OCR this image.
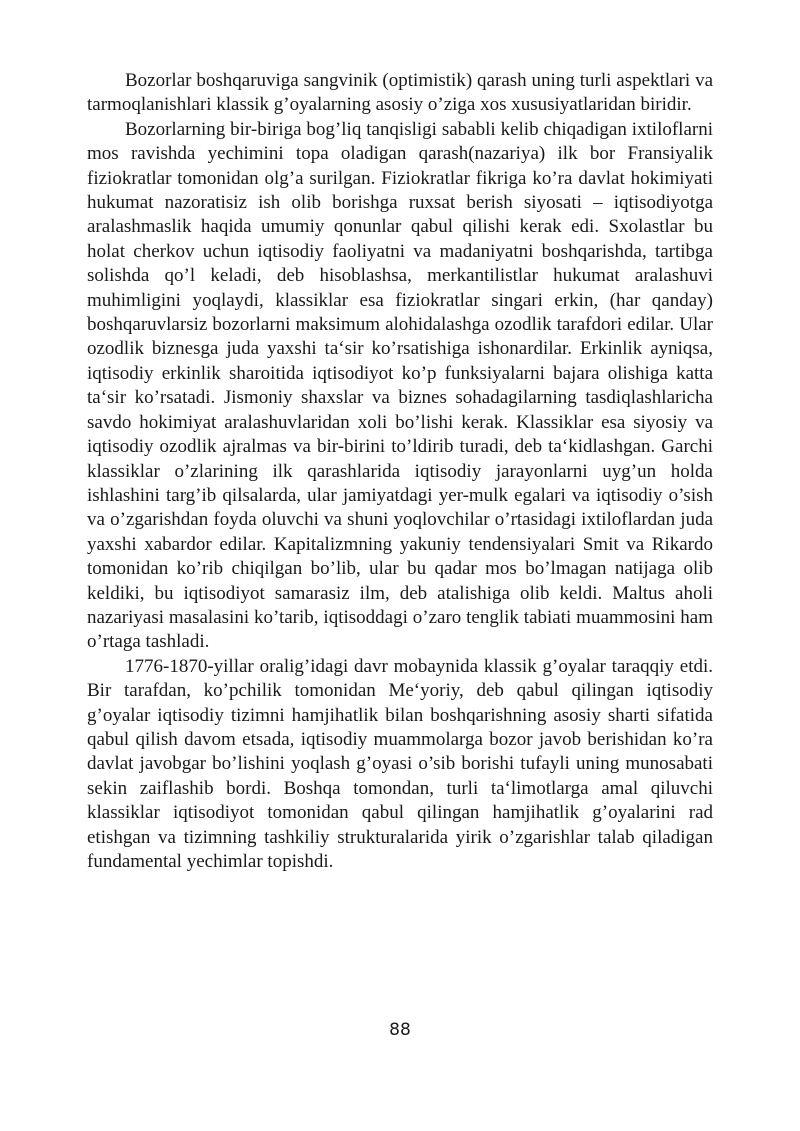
Bozorlar boshqaruviga sangvinik (optimistik) qarash uning turli aspektlari va tarmoqlanishlari klassik g’oyalarning asosiy o’ziga xos xususiyatlaridan biridir.

Bozorlarning bir-biriga bog’liq tanqisligi sababli kelib chiqadigan ixtiloflarni mos ravishda yechimini topa oladigan qarash(nazariya) ilk bor Fransiyalik fiziokratlar tomonidan olg’a surilgan. Fiziokratlar fikriga ko’ra davlat hokimiyati hukumat nazoratisiz ish olib borishga ruxsat berish siyosati – iqtisodiyotga aralashmaslik haqida umumiy qonunlar qabul qilishi kerak edi. Sxolastlar bu holat cherkov uchun iqtisodiy faoliyatni va madaniyatni boshqarishda, tartibga solishda qo’l keladi, deb hisoblashsa, merkantilistlar hukumat aralashuvi muhimligini yoqlaydi, klassiklar esa fiziokratlar singari erkin, (har qanday) boshqaruvlarsiz bozorlarni maksimum alohidalashga ozodlik tarafdori edilar. Ular ozodlik biznesga juda yaxshi ta‘sir ko’rsatishiga ishonardilar. Erkinlik ayniqsa, iqtisodiy erkinlik sharoitida iqtisodiyot ko’p funksiyalarni bajara olishiga katta ta‘sir ko’rsatadi. Jismoniy shaxslar va biznes sohadagilarning tasdiqlashlaricha savdo hokimiyat aralashuvlaridan xoli bo’lishi kerak. Klassiklar esa siyosiy va iqtisodiy ozodlik ajralmas va bir-birini to’ldirib turadi, deb ta‘kidlashgan. Garchi klassiklar o’zlarining ilk qarashlarida iqtisodiy jarayonlarni uyg’un holda ishlashini targ’ib qilsalarda, ular jamiyatdagi yer-mulk egalari va iqtisodiy o’sish va o’zgarishdan foyda oluvchi va shuni yoqlovchilar o’rtasidagi ixtiloflardan juda yaxshi xabardor edilar. Kapitalizmning yakuniy tendensiyalari Smit va Rikardo tomonidan ko’rib chiqilgan bo’lib, ular bu qadar mos bo’lmagan natijaga olib keldiki, bu iqtisodiyot samarasiz ilm, deb atalishiga olib keldi. Maltus aholi nazariyasi masalasini ko’tarib, iqtisoddagi o’zaro tenglik tabiati muammosini ham o’rtaga tashladi.

1776-1870-yillar oralig’idagi davr mobaynida klassik g’oyalar taraqqiy etdi. Bir tarafdan, ko’pchilik tomonidan Me‘yoriy, deb qabul qilingan iqtisodiy g’oyalar iqtisodiy tizimni hamjihatlik bilan boshqarishning asosiy sharti sifatida qabul qilish davom etsada, iqtisodiy muammolarga bozor javob berishidan ko’ra davlat javobgar bo’lishini yoqlash g’oyasi o’sib borishi tufayli uning munosabati sekin zaiflashib bordi. Boshqa tomondan, turli ta‘limotlarga amal qiluvchi klassiklar iqtisodiyot tomonidan qabul qilingan hamjihatlik g’oyalarini rad etishgan va tizimning tashkiliy strukturalarida yirik o’zgarishlar talab qiladigan fundamental yechimlar topishdi.

88
